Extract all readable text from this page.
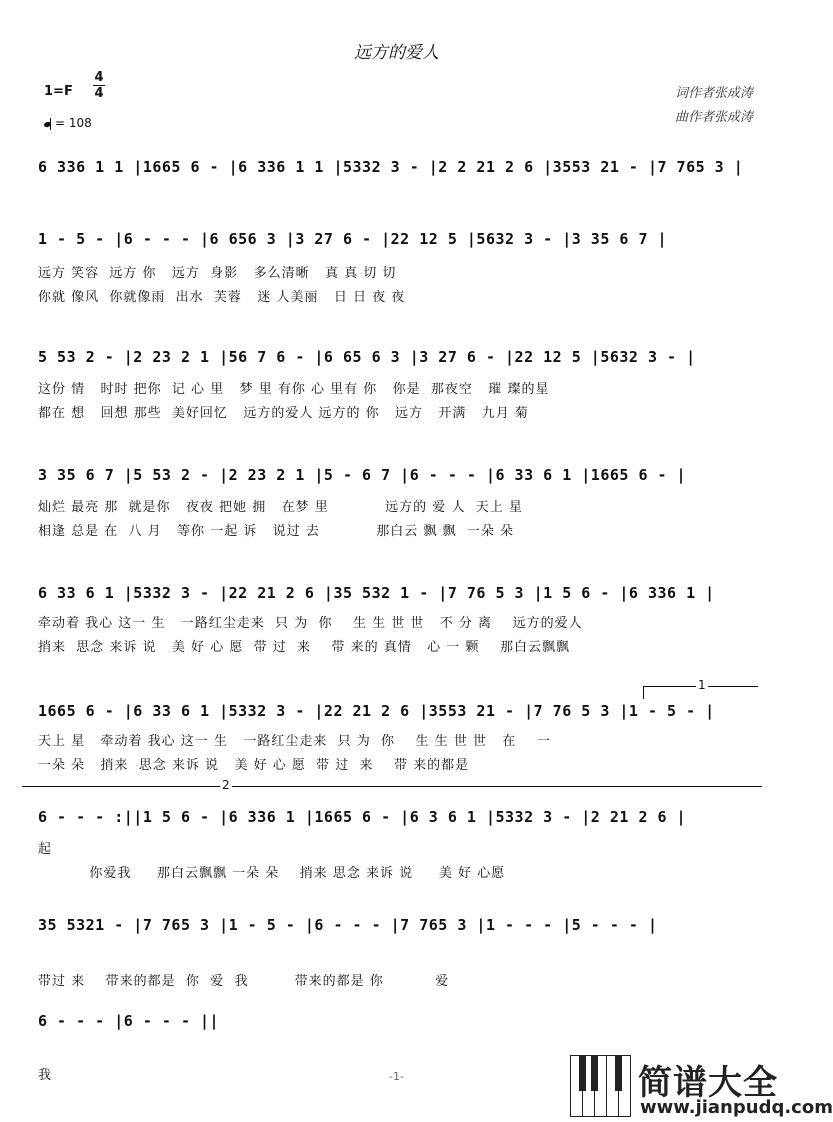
远方的爱人
1=F
4
4
= 108
词作者张成涛
曲作者张成涛
6 336 1 1 |1665 6 - |6 336 1 1 |5332 3 - |2 2 21 2 6 |3553 21 - |7 765 3 |
1 - 5 - |6 - - - |6 656 3 |3 27 6 - |22 12 5 |5632 3 - |3 35 6 7 |
远方 笑容  远方 你   远方  身影   多么清晰   真 真 切 切
你就 像风  你就像雨  出水  芙蓉   迷 人美丽   日 日 夜 夜
5 53 2 - |2 23 2 1 |56 7 6 - |6 65 6 3 |3 27 6 - |22 12 5 |5632 3 - |
这份 情   时时 把你  记 心 里   梦 里 有你 心 里有 你   你是  那夜空   璀 璨的星
都在 想   回想 那些  美好回忆   远方的爱人 远方的 你   远方   开满   九月 菊
3 35 6 7 |5 53 2 - |2 23 2 1 |5 - 6 7 |6 - - - |6 33 6 1 |1665 6 - |
灿烂 最亮 那  就是你   夜夜 把她 拥   在梦 里           远方的 爱 人  天上 星
相逢 总是 在  八 月   等你 一起 诉   说过 去           那白云 飘 飘  一朵 朵
6 33 6 1 |5332 3 - |22 21 2 6 |35 532 1 - |7 76 5 3 |1 5 6 - |6 336 1 |
牵动着 我心 这一 生   一路红尘走来  只 为  你    生 生 世 世   不 分 离    远方的爱人
捎来  思念 来诉 说   美 好 心 愿  带 过  来    带 来的 真情   心 一 颗    那白云飘飘
1
1665 6 - |6 33 6 1 |5332 3 - |22 21 2 6 |3553 21 - |7 76 5 3 |1 - 5 - |
天上 星   牵动着 我心 这一 生   一路红尘走来  只 为  你    生 生 世 世   在    一
一朵 朵   捎来  思念 来诉 说   美 好 心 愿  带 过  来    带 来的都是
2
6 - - - :||1 5 6 - |6 336 1 |1665 6 - |6 3 6 1 |5332 3 - |2 21 2 6 |
起
你爱我     那白云飘飘 一朵 朵    捎来 思念 来诉 说     美 好 心愿
35 5321 - |7 765 3 |1 - 5 - |6 - - - |7 765 3 |1 - - - |5 - - - |
带过 来    带来的都是  你  爱  我         带来的都是 你          爱
6 - - - |6 - - - ||
我	-1-	简谱大全
www.jianpudq.com
